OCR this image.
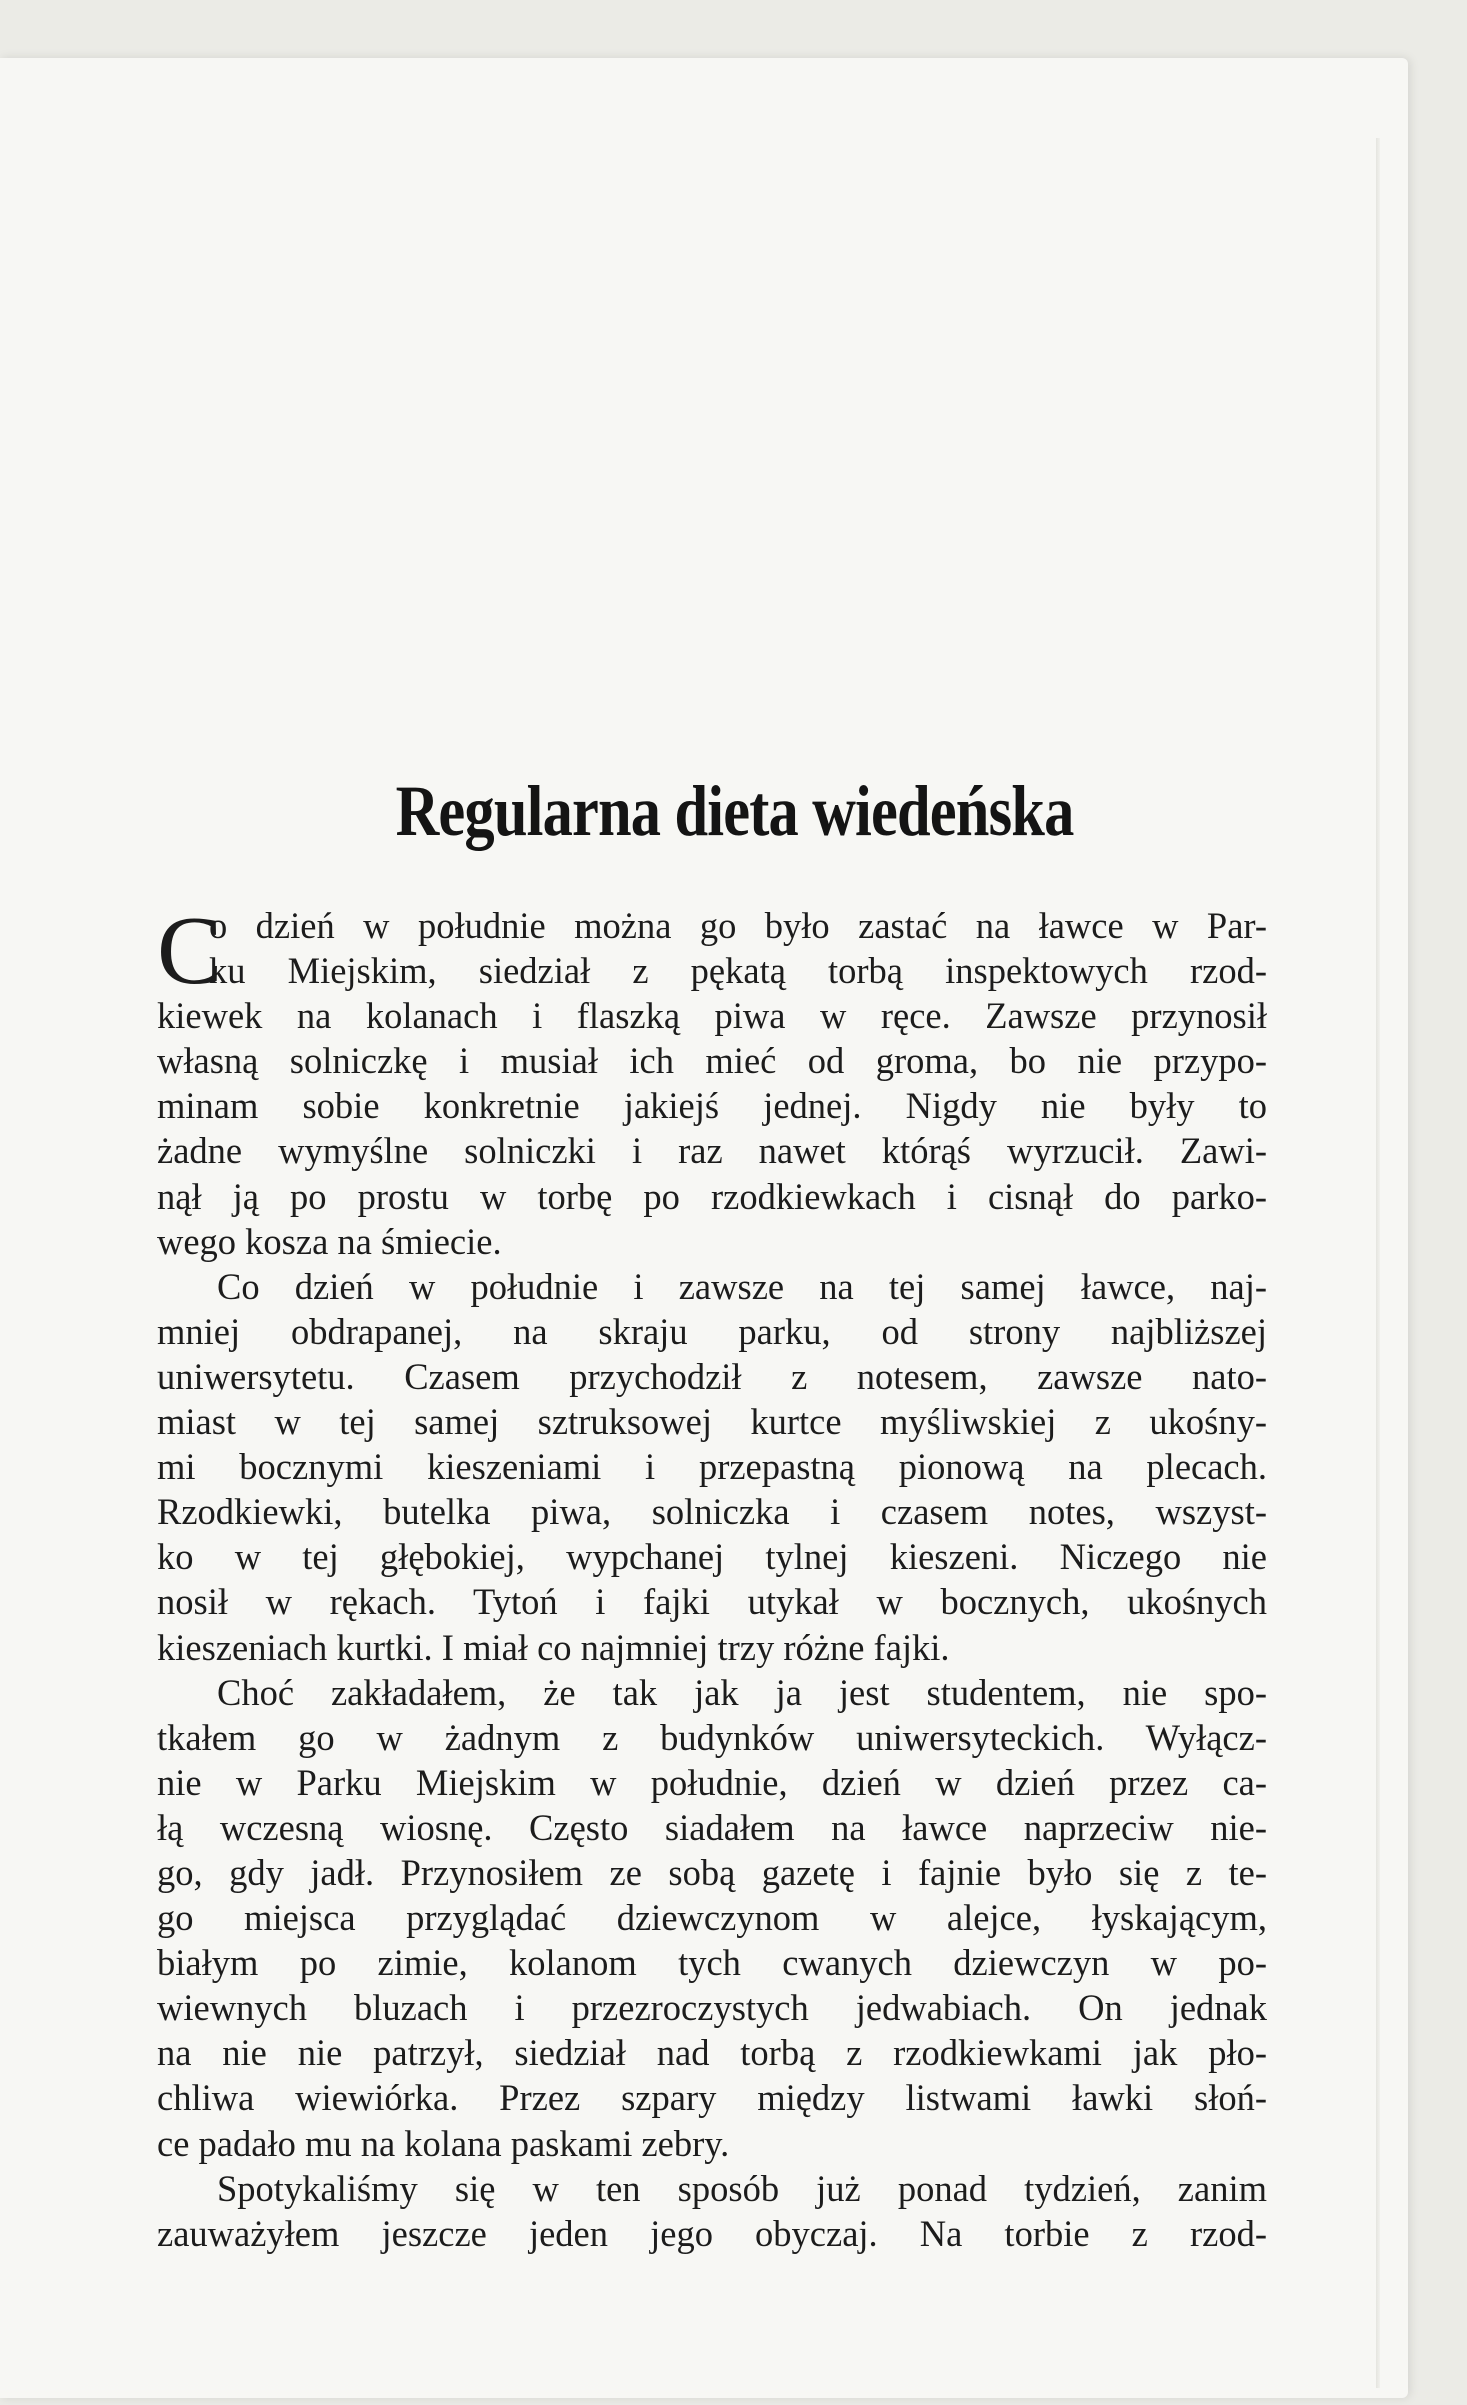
Regularna dieta wiedeńska
C
o dzień w południe można go było zastać na ławce w Par-
ku Miejskim, siedział z pękatą torbą inspektowych rzod-
kiewek na kolanach i flaszką piwa w ręce. Zawsze przynosił
własną solniczkę i musiał ich mieć od groma, bo nie przypo-
minam sobie konkretnie jakiejś jednej. Nigdy nie były to
żadne wymyślne solniczki i raz nawet którąś wyrzucił. Zawi-
nął ją po prostu w torbę po rzodkiewkach i cisnął do parko-
wego kosza na śmiecie.
Co dzień w południe i zawsze na tej samej ławce, naj-
mniej obdrapanej, na skraju parku, od strony najbliższej
uniwersytetu. Czasem przychodził z notesem, zawsze nato-
miast w tej samej sztruksowej kurtce myśliwskiej z ukośny-
mi bocznymi kieszeniami i przepastną pionową na plecach.
Rzodkiewki, butelka piwa, solniczka i czasem notes, wszyst-
ko w tej głębokiej, wypchanej tylnej kieszeni. Niczego nie
nosił w rękach. Tytoń i fajki utykał w bocznych, ukośnych
kieszeniach kurtki. I miał co najmniej trzy różne fajki.
Choć zakładałem, że tak jak ja jest studentem, nie spo-
tkałem go w żadnym z budynków uniwersyteckich. Wyłącz-
nie w Parku Miejskim w południe, dzień w dzień przez ca-
łą wczesną wiosnę. Często siadałem na ławce naprzeciw nie-
go, gdy jadł. Przynosiłem ze sobą gazetę i fajnie było się z te-
go miejsca przyglądać dziewczynom w alejce, łyskającym,
białym po zimie, kolanom tych cwanych dziewczyn w po-
wiewnych bluzach i przezroczystych jedwabiach. On jednak
na nie nie patrzył, siedział nad torbą z rzodkiewkami jak pło-
chliwa wiewiórka. Przez szpary między listwami ławki słoń-
ce padało mu na kolana paskami zebry.
Spotykaliśmy się w ten sposób już ponad tydzień, zanim
zauważyłem jeszcze jeden jego obyczaj. Na torbie z rzod-
